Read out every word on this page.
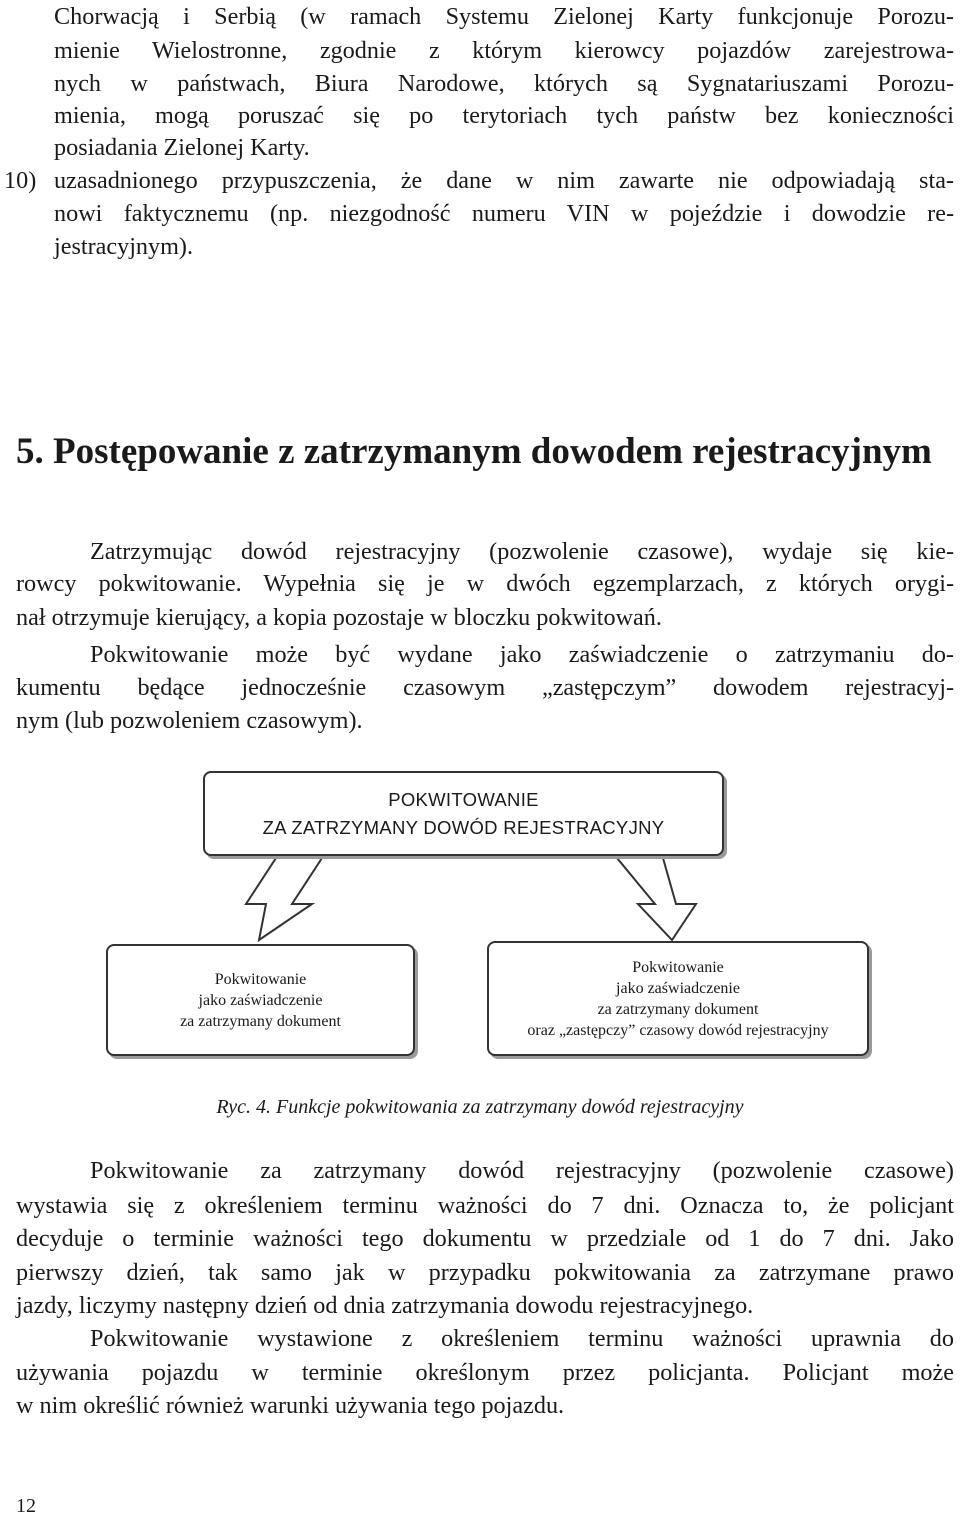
Chorwacją i Serbią (w ramach Systemu Zielonej Karty funkcjonuje Porozu-
mienie Wielostronne, zgodnie z którym kierowcy pojazdów zarejestrowa-
nych w państwach, Biura Narodowe, których są Sygnatariuszami Porozu-
mienia, mogą poruszać się po terytoriach tych państw bez konieczności
posiadania Zielonej Karty.
10) uzasadnionego przypuszczenia, że dane w nim zawarte nie odpowiadają sta-
nowi faktycznemu (np. niezgodność numeru VIN w pojeździe i dowodzie re-
jestracyjnym).
5. Postępowanie z zatrzymanym dowodem rejestracyjnym
Zatrzymując dowód rejestracyjny (pozwolenie czasowe), wydaje się kie-
rowcy pokwitowanie. Wypełnia się je w dwóch egzemplarzach, z których orygi-
nał otrzymuje kierujący, a kopia pozostaje w bloczku pokwitowań.
Pokwitowanie może być wydane jako zaświadczenie o zatrzymaniu do-
kumentu będące jednocześnie czasowym „zastępczym” dowodem rejestracyj-
nym (lub pozwoleniem czasowym).
POKWITOWANIE
ZA ZATRZYMANY DOWÓD REJESTRACYJNY
Pokwitowanie
jako zaświadczenie
za zatrzymany dokument
Pokwitowanie
jako zaświadczenie
za zatrzymany dokument
oraz „zastępczy” czasowy dowód rejestracyjny
Ryc. 4. Funkcje pokwitowania za zatrzymany dowód rejestracyjny
Pokwitowanie za zatrzymany dowód rejestracyjny (pozwolenie czasowe)
wystawia się z określeniem terminu ważności do 7 dni. Oznacza to, że policjant
decyduje o terminie ważności tego dokumentu w przedziale od 1 do 7 dni. Jako
pierwszy dzień, tak samo jak w przypadku pokwitowania za zatrzymane prawo
jazdy, liczymy następny dzień od dnia zatrzymania dowodu rejestracyjnego.
Pokwitowanie wystawione z określeniem terminu ważności uprawnia do
używania pojazdu w terminie określonym przez policjanta. Policjant może
w nim określić również warunki używania tego pojazdu.
12
